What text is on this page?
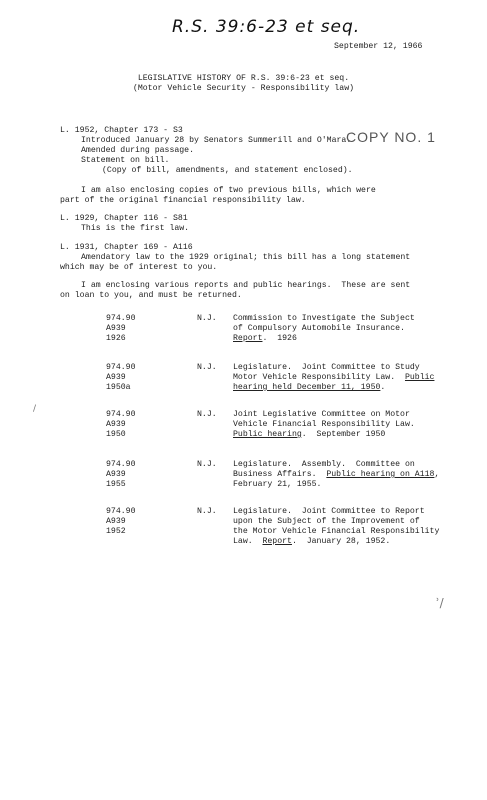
R.S. 39:6-23 et seq.
September 12, 1966
LEGISLATIVE HISTORY OF R.S. 39:6-23 et seq.
(Motor Vehicle Security - Responsibility law)
L. 1952, Chapter 173 - S3
Introduced January 28 by Senators Summerill and O'Mara.
COPY NO. 1
Amended during passage.
Statement on bill.
(Copy of bill, amendments, and statement enclosed).
I am also enclosing copies of two previous bills, which were
part of the original financial responsibility law.
L. 1929, Chapter 116 - S81
This is the first law.
L. 1931, Chapter 169 - A116
Amendatory law to the 1929 original; this bill has a long statement
which may be of interest to you.
I am enclosing various reports and public hearings.  These are sent
on loan to you, and must be returned.
974.90
A939
1926
N.J. Commission to Investigate the Subject
of Compulsory Automobile Insurance.
Report.  1926
974.90
A939
1950a
N.J. Legislature.  Joint Committee to Study
Motor Vehicle Responsibility Law.  Public
hearing held December 11, 1950.
974.90
A939
1950
N.J. Joint Legislative Committee on Motor
Vehicle Financial Responsibility Law.
Public hearing.  September 1950
974.90
A939
1955
N.J. Legislature.  Assembly.  Committee on
Business Affairs.  Public hearing on A118,
February 21, 1955.
974.90
A939
1952
N.J. Legislature.  Joint Committee to Report
upon the Subject of the Improvement of
the Motor Vehicle Financial Responsibility
Law.  Report.  January 28, 1952.
/
ʾ/
